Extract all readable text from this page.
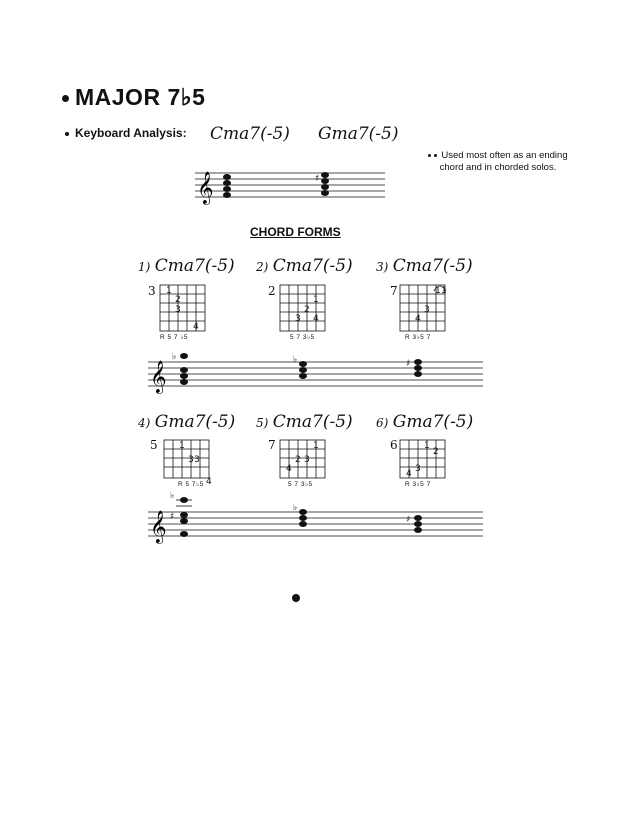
MAJOR 7♭5
Keyboard Analysis: Cma7(-5) Gma7(-5)
Used most often as an ending chord and in chorded solos.
𝄞	♯
CHORD FORMS
1) Cma7(-5) 2) Cma7(-5) 3) Cma7(-5)
3	2	7
1
2
3
4
1
2
3 4
1 1
3
4
R 5 7 ♭5	5 7 3♭5	R 3♭5 7
𝄞
♭	♭	♯
4) Gma7(-5) 5) Cma7(-5) 6) Gma7(-5)
5	7	6
1
3 3
4
1
2 3
4
1
2
3
4
R 5 7♭5	5 7 3♭5	R 3♭5 7
𝄞
♭
♯
♭
♯
